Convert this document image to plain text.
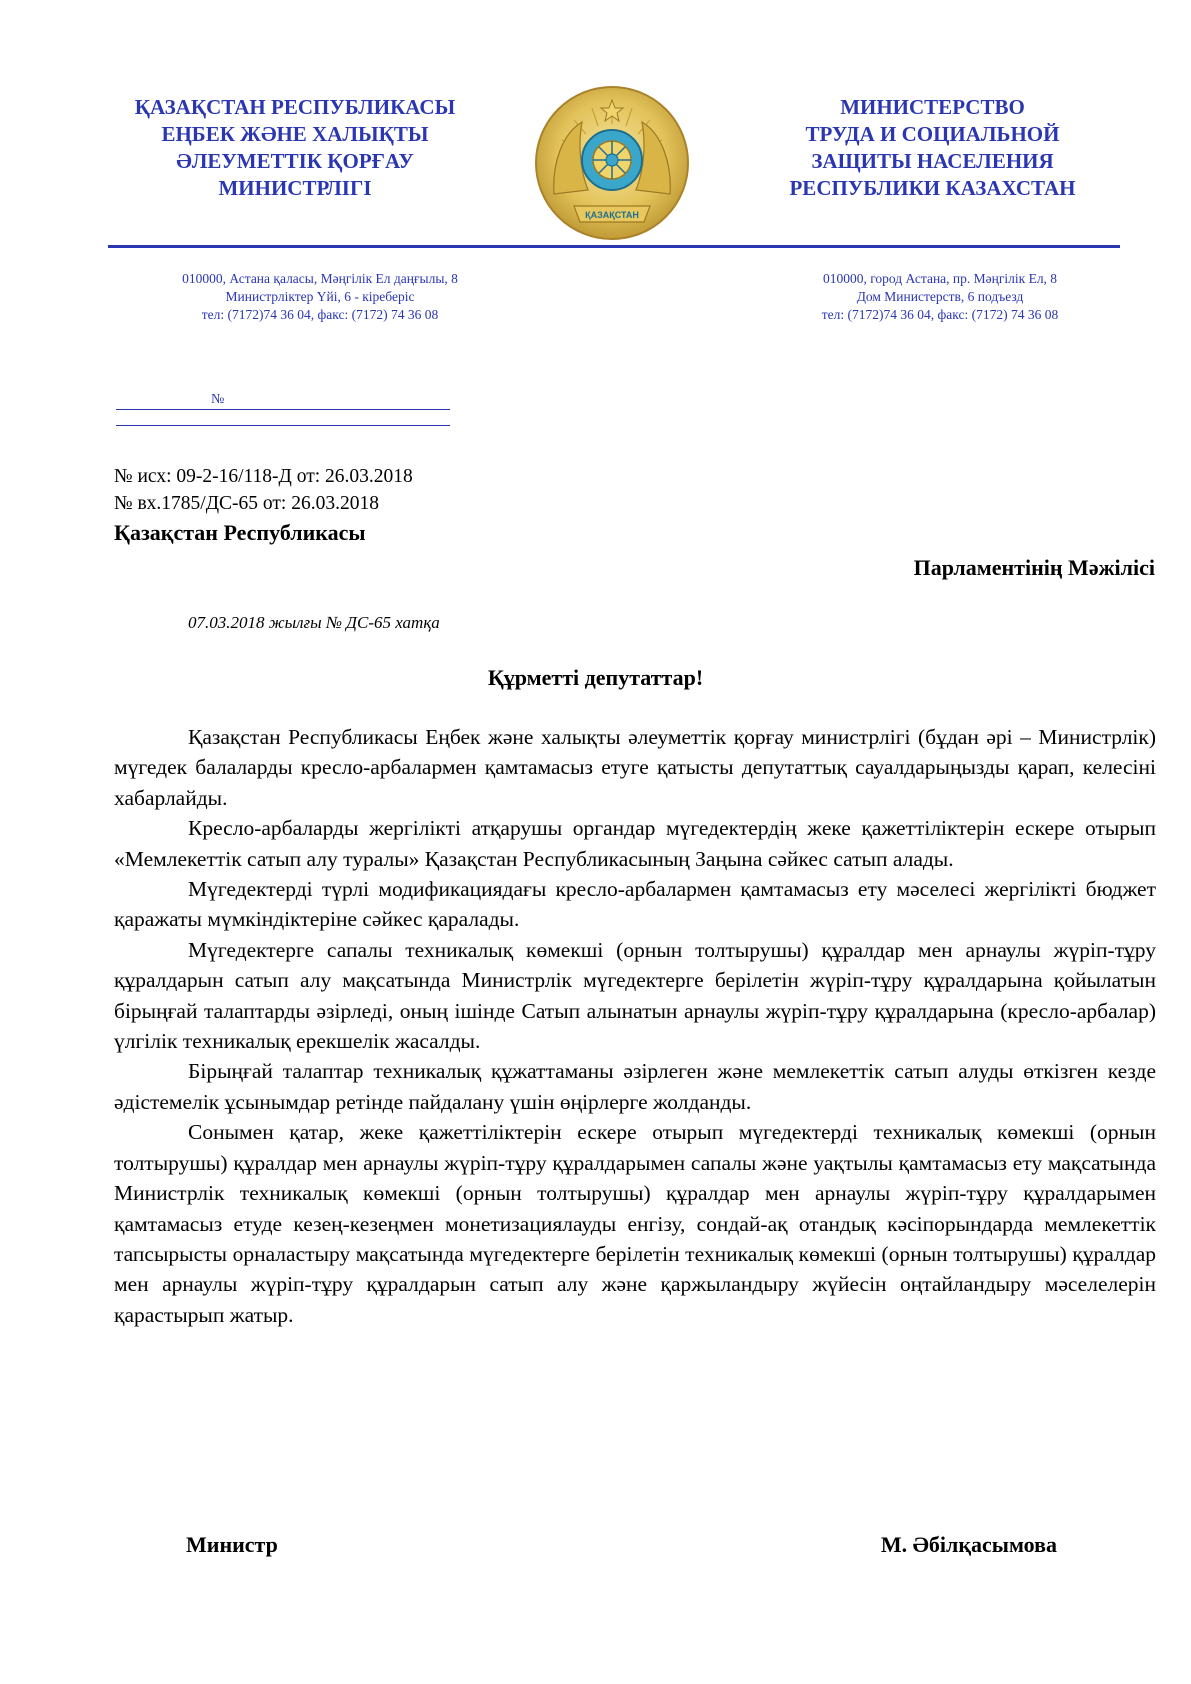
ҚАЗАҚСТАН РЕСПУБЛИКАСЫ
ЕҢБЕК ЖӘНЕ ХАЛЫҚТЫ
ӘЛЕУМЕТТІК ҚОРҒАУ
МИНИСТРЛІГІ
ҚАЗАҚСТАН
МИНИСТЕРСТВО
ТРУДА И СОЦИАЛЬНОЙ
ЗАЩИТЫ НАСЕЛЕНИЯ
РЕСПУБЛИКИ КАЗАХСТАН
010000, Астана қаласы, Мәңгілік Ел даңғылы, 8
Министрліктер Үйі, 6 - кіреберіс
тел: (7172)74 36 04, факс: (7172) 74 36 08
010000, город Астана, пр. Мәңгілік Ел, 8
Дом Министерств, 6 подъезд
тел: (7172)74 36 04, факс: (7172) 74 36 08
№
№ исх: 09-2-16/118-Д от: 26.03.2018
№ вх.1785/ДС-65 от: 26.03.2018
Қазақстан Республикасы
Парламентінің Мәжілісі
07.03.2018 жылғы № ДС-65 хатқа
Құрметті депутаттар!

Қазақстан Республикасы Еңбек және халықты әлеуметтік қорғау министрлігі (бұдан әрі – Министрлік) мүгедек балаларды кресло-арбалармен қамтамасыз етуге қатысты депутаттық сауалдарыңызды қарап, келесіні хабарлайды.

Кресло-арбаларды жергілікті атқарушы органдар мүгедектердің жеке қажеттіліктерін ескере отырып «Мемлекеттік сатып алу туралы» Қазақстан Республикасының Заңына сәйкес сатып алады.

Мүгедектерді түрлі модификациядағы кресло-арбалармен қамтамасыз ету мәселесі жергілікті бюджет қаражаты мүмкіндіктеріне сәйкес қаралады.

Мүгедектерге сапалы техникалық көмекші (орнын толтырушы) құралдар мен арнаулы жүріп-тұру құралдарын сатып алу мақсатында Министрлік мүгедектерге берілетін жүріп-тұру құралдарына қойылатын бірыңғай талаптарды әзірледі, оның ішінде Сатып алынатын арнаулы жүріп-тұру құралдарына (кресло-арбалар) үлгілік техникалық ерекшелік жасалды.

Бірыңғай талаптар техникалық құжаттаманы әзірлеген және мемлекеттік сатып алуды өткізген кезде әдістемелік ұсынымдар ретінде пайдалану үшін өңірлерге жолданды.

Сонымен қатар, жеке қажеттіліктерін ескере отырып мүгедектерді техникалық көмекші (орнын толтырушы) құралдар мен арнаулы жүріп-тұру құралдарымен сапалы және уақтылы қамтамасыз ету мақсатында Министрлік техникалық көмекші (орнын толтырушы) құралдар мен арнаулы жүріп-тұру құралдарымен қамтамасыз етуде кезең-кезеңмен монетизациялауды енгізу, сондай-ақ отандық кәсіпорындарда мемлекеттік тапсырысты орналастыру мақсатында мүгедектерге берілетін техникалық көмекші (орнын толтырушы) құралдар мен арнаулы жүріп-тұру құралдарын сатып алу және қаржыландыру жүйесін оңтайландыру мәселелерін қарастырып жатыр.

Министр	М. Әбілқасымова
